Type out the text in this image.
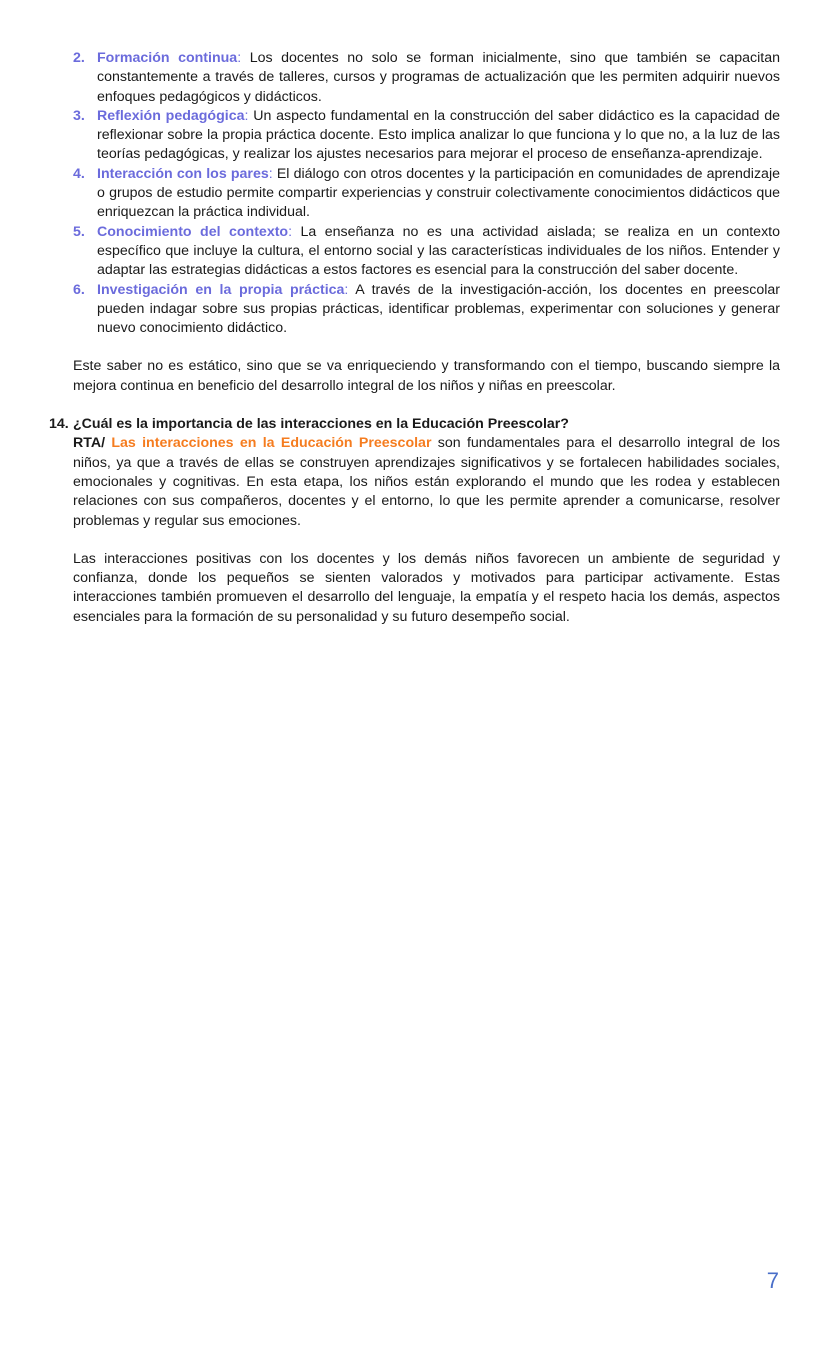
2. Formación continua: Los docentes no solo se forman inicialmente, sino que también se capacitan constantemente a través de talleres, cursos y programas de actualización que les permiten adquirir nuevos enfoques pedagógicos y didácticos.
3. Reflexión pedagógica: Un aspecto fundamental en la construcción del saber didáctico es la capacidad de reflexionar sobre la propia práctica docente. Esto implica analizar lo que funciona y lo que no, a la luz de las teorías pedagógicas, y realizar los ajustes necesarios para mejorar el proceso de enseñanza-aprendizaje.
4. Interacción con los pares: El diálogo con otros docentes y la participación en comunidades de aprendizaje o grupos de estudio permite compartir experiencias y construir colectivamente conocimientos didácticos que enriquezcan la práctica individual.
5. Conocimiento del contexto: La enseñanza no es una actividad aislada; se realiza en un contexto específico que incluye la cultura, el entorno social y las características individuales de los niños. Entender y adaptar las estrategias didácticas a estos factores es esencial para la construcción del saber docente.
6. Investigación en la propia práctica: A través de la investigación-acción, los docentes en preescolar pueden indagar sobre sus propias prácticas, identificar problemas, experimentar con soluciones y generar nuevo conocimiento didáctico.

Este saber no es estático, sino que se va enriqueciendo y transformando con el tiempo, buscando siempre la mejora continua en beneficio del desarrollo integral de los niños y niñas en preescolar.

14. ¿Cuál es la importancia de las interacciones en la Educación Preescolar?

RTA/ Las interacciones en la Educación Preescolar son fundamentales para el desarrollo integral de los niños, ya que a través de ellas se construyen aprendizajes significativos y se fortalecen habilidades sociales, emocionales y cognitivas. En esta etapa, los niños están explorando el mundo que les rodea y establecen relaciones con sus compañeros, docentes y el entorno, lo que les permite aprender a comunicarse, resolver problemas y regular sus emociones.

Las interacciones positivas con los docentes y los demás niños favorecen un ambiente de seguridad y confianza, donde los pequeños se sienten valorados y motivados para participar activamente. Estas interacciones también promueven el desarrollo del lenguaje, la empatía y el respeto hacia los demás, aspectos esenciales para la formación de su personalidad y su futuro desempeño social.

7
